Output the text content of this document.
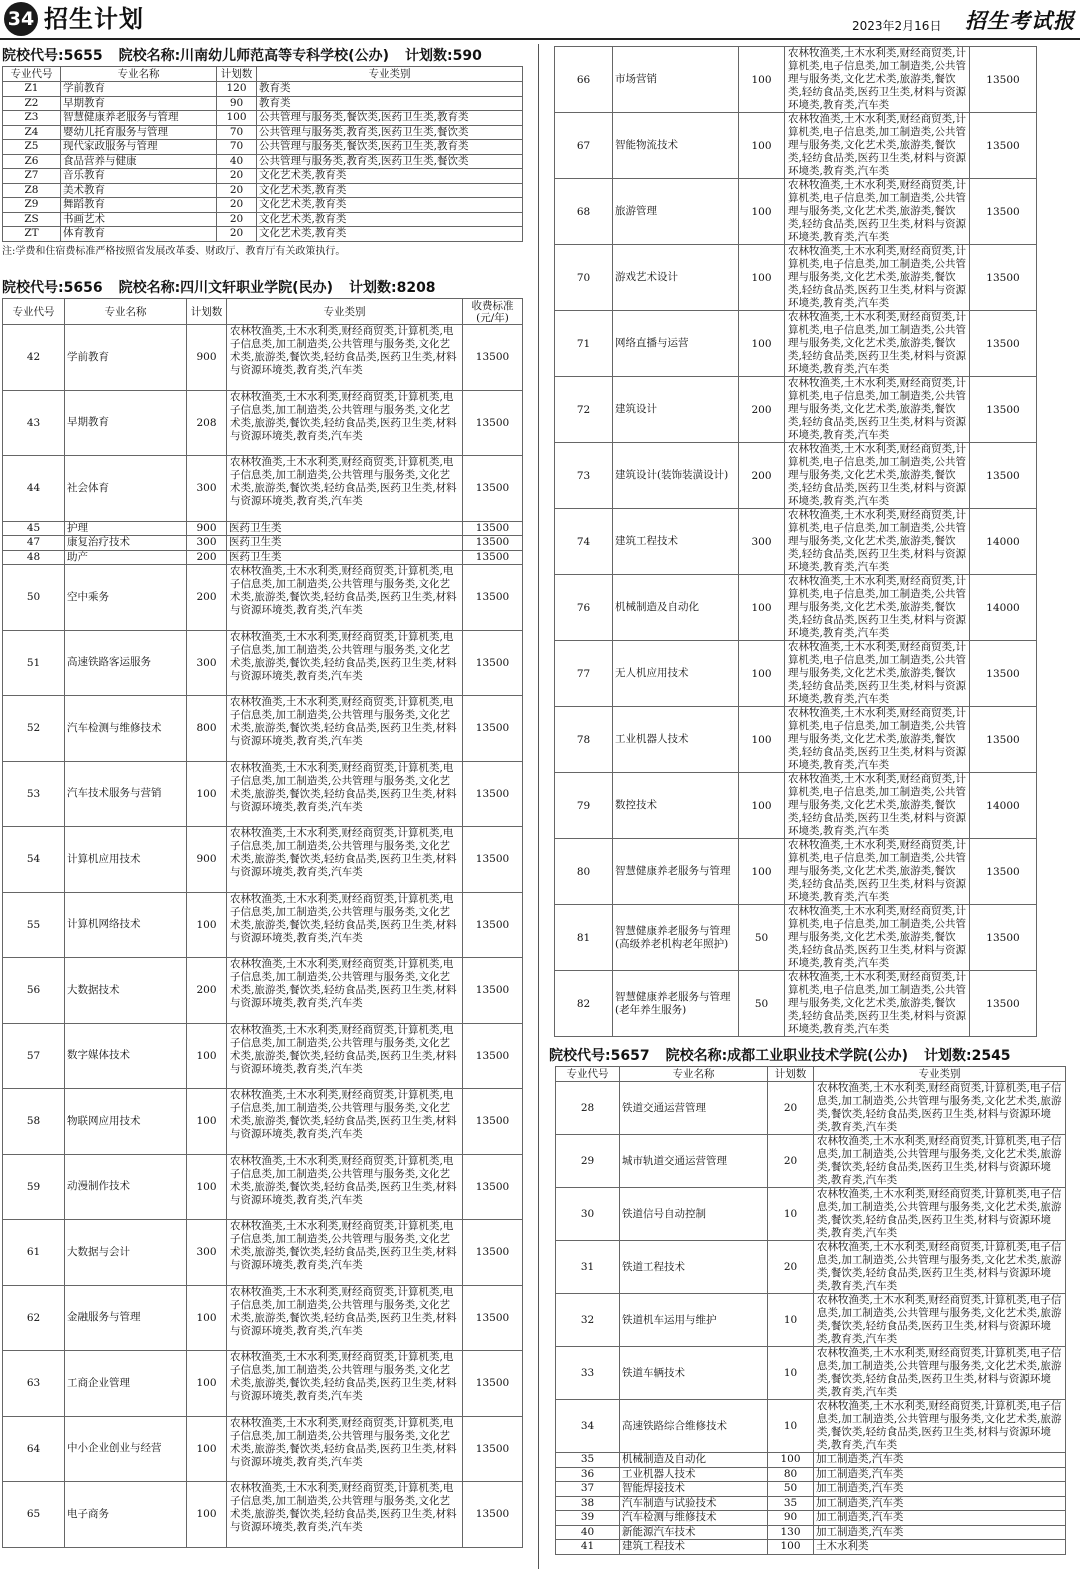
34 招生计划	2023年2月16日 招生考试报
院校代号:5655 院校名称:川南幼儿师范高等专科学校(公办) 计划数:590
专业代号	专业名称	计划数	专业类别
Z1	学前教育	120	教育类
Z2	早期教育	90	教育类
Z3	智慧健康养老服务与管理	100	公共管理与服务类,餐饮类,医药卫生类,教育类
Z4	婴幼儿托育服务与管理	70	公共管理与服务类,教育类,医药卫生类,餐饮类
Z5	现代家政服务与管理	70	公共管理与服务类,餐饮类,医药卫生类,教育类
Z6	食品营养与健康	40	公共管理与服务类,教育类,医药卫生类,餐饮类
Z7	音乐教育	20	文化艺术类,教育类
Z8	美术教育	20	文化艺术类,教育类
Z9	舞蹈教育	20	文化艺术类,教育类
ZS	书画艺术	20	文化艺术类,教育类
ZT	体育教育	20	文化艺术类,教育类
注:学费和住宿费标准严格按照省发展改革委、财政厅、教育厅有关政策执行。
院校代号:5656 院校名称:四川文轩职业学院(民办) 计划数:8208
专业代号	专业名称	计划数	专业类别	收费标准(元/年)
42	学前教育	900	农林牧渔类,土木水利类,财经商贸类,计算机类,电子信息类,加工制造类,公共管理与服务类,文化艺术类,旅游类,餐饮类,轻纺食品类,医药卫生类,材料与资源环境类,教育类,汽车类	13500
43	早期教育	208	农林牧渔类,土木水利类,财经商贸类,计算机类,电子信息类,加工制造类,公共管理与服务类,文化艺术类,旅游类,餐饮类,轻纺食品类,医药卫生类,材料与资源环境类,教育类,汽车类	13500
44	社会体育	300	农林牧渔类,土木水利类,财经商贸类,计算机类,电子信息类,加工制造类,公共管理与服务类,文化艺术类,旅游类,餐饮类,轻纺食品类,医药卫生类,材料与资源环境类,教育类,汽车类	13500
45	护理	900	医药卫生类	13500
47	康复治疗技术	300	医药卫生类	13500
48	助产	200	医药卫生类	13500
50	空中乘务	200	农林牧渔类,土木水利类,财经商贸类,计算机类,电子信息类,加工制造类,公共管理与服务类,文化艺术类,旅游类,餐饮类,轻纺食品类,医药卫生类,材料与资源环境类,教育类,汽车类	13500
51	高速铁路客运服务	300	农林牧渔类,土木水利类,财经商贸类,计算机类,电子信息类,加工制造类,公共管理与服务类,文化艺术类,旅游类,餐饮类,轻纺食品类,医药卫生类,材料与资源环境类,教育类,汽车类	13500
52	汽车检测与维修技术	800	农林牧渔类,土木水利类,财经商贸类,计算机类,电子信息类,加工制造类,公共管理与服务类,文化艺术类,旅游类,餐饮类,轻纺食品类,医药卫生类,材料与资源环境类,教育类,汽车类	13500
53	汽车技术服务与营销	100	农林牧渔类,土木水利类,财经商贸类,计算机类,电子信息类,加工制造类,公共管理与服务类,文化艺术类,旅游类,餐饮类,轻纺食品类,医药卫生类,材料与资源环境类,教育类,汽车类	13500
54	计算机应用技术	900	农林牧渔类,土木水利类,财经商贸类,计算机类,电子信息类,加工制造类,公共管理与服务类,文化艺术类,旅游类,餐饮类,轻纺食品类,医药卫生类,材料与资源环境类,教育类,汽车类	13500
55	计算机网络技术	100	农林牧渔类,土木水利类,财经商贸类,计算机类,电子信息类,加工制造类,公共管理与服务类,文化艺术类,旅游类,餐饮类,轻纺食品类,医药卫生类,材料与资源环境类,教育类,汽车类	13500
56	大数据技术	200	农林牧渔类,土木水利类,财经商贸类,计算机类,电子信息类,加工制造类,公共管理与服务类,文化艺术类,旅游类,餐饮类,轻纺食品类,医药卫生类,材料与资源环境类,教育类,汽车类	13500
57	数字媒体技术	100	农林牧渔类,土木水利类,财经商贸类,计算机类,电子信息类,加工制造类,公共管理与服务类,文化艺术类,旅游类,餐饮类,轻纺食品类,医药卫生类,材料与资源环境类,教育类,汽车类	13500
58	物联网应用技术	100	农林牧渔类,土木水利类,财经商贸类,计算机类,电子信息类,加工制造类,公共管理与服务类,文化艺术类,旅游类,餐饮类,轻纺食品类,医药卫生类,材料与资源环境类,教育类,汽车类	13500
59	动漫制作技术	100	农林牧渔类,土木水利类,财经商贸类,计算机类,电子信息类,加工制造类,公共管理与服务类,文化艺术类,旅游类,餐饮类,轻纺食品类,医药卫生类,材料与资源环境类,教育类,汽车类	13500
61	大数据与会计	300	农林牧渔类,土木水利类,财经商贸类,计算机类,电子信息类,加工制造类,公共管理与服务类,文化艺术类,旅游类,餐饮类,轻纺食品类,医药卫生类,材料与资源环境类,教育类,汽车类	13500
62	金融服务与管理	100	农林牧渔类,土木水利类,财经商贸类,计算机类,电子信息类,加工制造类,公共管理与服务类,文化艺术类,旅游类,餐饮类,轻纺食品类,医药卫生类,材料与资源环境类,教育类,汽车类	13500
63	工商企业管理	100	农林牧渔类,土木水利类,财经商贸类,计算机类,电子信息类,加工制造类,公共管理与服务类,文化艺术类,旅游类,餐饮类,轻纺食品类,医药卫生类,材料与资源环境类,教育类,汽车类	13500
64	中小企业创业与经营	100	农林牧渔类,土木水利类,财经商贸类,计算机类,电子信息类,加工制造类,公共管理与服务类,文化艺术类,旅游类,餐饮类,轻纺食品类,医药卫生类,材料与资源环境类,教育类,汽车类	13500
65	电子商务	100	农林牧渔类,土木水利类,财经商贸类,计算机类,电子信息类,加工制造类,公共管理与服务类,文化艺术类,旅游类,餐饮类,轻纺食品类,医药卫生类,材料与资源环境类,教育类,汽车类	13500
66	市场营销	100	农林牧渔类,土木水利类,财经商贸类,计算机类,电子信息类,加工制造类,公共管理与服务类,文化艺术类,旅游类,餐饮类,轻纺食品类,医药卫生类,材料与资源环境类,教育类,汽车类	13500
67	智能物流技术	100	农林牧渔类,土木水利类,财经商贸类,计算机类,电子信息类,加工制造类,公共管理与服务类,文化艺术类,旅游类,餐饮类,轻纺食品类,医药卫生类,材料与资源环境类,教育类,汽车类	13500
68	旅游管理	100	农林牧渔类,土木水利类,财经商贸类,计算机类,电子信息类,加工制造类,公共管理与服务类,文化艺术类,旅游类,餐饮类,轻纺食品类,医药卫生类,材料与资源环境类,教育类,汽车类	13500
70	游戏艺术设计	100	农林牧渔类,土木水利类,财经商贸类,计算机类,电子信息类,加工制造类,公共管理与服务类,文化艺术类,旅游类,餐饮类,轻纺食品类,医药卫生类,材料与资源环境类,教育类,汽车类	13500
71	网络直播与运营	100	农林牧渔类,土木水利类,财经商贸类,计算机类,电子信息类,加工制造类,公共管理与服务类,文化艺术类,旅游类,餐饮类,轻纺食品类,医药卫生类,材料与资源环境类,教育类,汽车类	13500
72	建筑设计	200	农林牧渔类,土木水利类,财经商贸类,计算机类,电子信息类,加工制造类,公共管理与服务类,文化艺术类,旅游类,餐饮类,轻纺食品类,医药卫生类,材料与资源环境类,教育类,汽车类	13500
73	建筑设计(装饰装潢设计)	200	农林牧渔类,土木水利类,财经商贸类,计算机类,电子信息类,加工制造类,公共管理与服务类,文化艺术类,旅游类,餐饮类,轻纺食品类,医药卫生类,材料与资源环境类,教育类,汽车类	13500
74	建筑工程技术	300	农林牧渔类,土木水利类,财经商贸类,计算机类,电子信息类,加工制造类,公共管理与服务类,文化艺术类,旅游类,餐饮类,轻纺食品类,医药卫生类,材料与资源环境类,教育类,汽车类	14000
76	机械制造及自动化	100	农林牧渔类,土木水利类,财经商贸类,计算机类,电子信息类,加工制造类,公共管理与服务类,文化艺术类,旅游类,餐饮类,轻纺食品类,医药卫生类,材料与资源环境类,教育类,汽车类	14000
77	无人机应用技术	100	农林牧渔类,土木水利类,财经商贸类,计算机类,电子信息类,加工制造类,公共管理与服务类,文化艺术类,旅游类,餐饮类,轻纺食品类,医药卫生类,材料与资源环境类,教育类,汽车类	13500
78	工业机器人技术	100	农林牧渔类,土木水利类,财经商贸类,计算机类,电子信息类,加工制造类,公共管理与服务类,文化艺术类,旅游类,餐饮类,轻纺食品类,医药卫生类,材料与资源环境类,教育类,汽车类	13500
79	数控技术	100	农林牧渔类,土木水利类,财经商贸类,计算机类,电子信息类,加工制造类,公共管理与服务类,文化艺术类,旅游类,餐饮类,轻纺食品类,医药卫生类,材料与资源环境类,教育类,汽车类	14000
80	智慧健康养老服务与管理	100	农林牧渔类,土木水利类,财经商贸类,计算机类,电子信息类,加工制造类,公共管理与服务类,文化艺术类,旅游类,餐饮类,轻纺食品类,医药卫生类,材料与资源环境类,教育类,汽车类	13500
81	智慧健康养老服务与管理(高级养老机构老年照护)	50	农林牧渔类,土木水利类,财经商贸类,计算机类,电子信息类,加工制造类,公共管理与服务类,文化艺术类,旅游类,餐饮类,轻纺食品类,医药卫生类,材料与资源环境类,教育类,汽车类	13500
82	智慧健康养老服务与管理(老年养生服务)	50	农林牧渔类,土木水利类,财经商贸类,计算机类,电子信息类,加工制造类,公共管理与服务类,文化艺术类,旅游类,餐饮类,轻纺食品类,医药卫生类,材料与资源环境类,教育类,汽车类	13500
院校代号:5657 院校名称:成都工业职业技术学院(公办) 计划数:2545
专业代号	专业名称	计划数	专业类别
28	铁道交通运营管理	20	农林牧渔类,土木水利类,财经商贸类,计算机类,电子信息类,加工制造类,公共管理与服务类,文化艺术类,旅游类,餐饮类,轻纺食品类,医药卫生类,材料与资源环境类,教育类,汽车类
29	城市轨道交通运营管理	20	农林牧渔类,土木水利类,财经商贸类,计算机类,电子信息类,加工制造类,公共管理与服务类,文化艺术类,旅游类,餐饮类,轻纺食品类,医药卫生类,材料与资源环境类,教育类,汽车类
30	铁道信号自动控制	10	农林牧渔类,土木水利类,财经商贸类,计算机类,电子信息类,加工制造类,公共管理与服务类,文化艺术类,旅游类,餐饮类,轻纺食品类,医药卫生类,材料与资源环境类,教育类,汽车类
31	铁道工程技术	20	农林牧渔类,土木水利类,财经商贸类,计算机类,电子信息类,加工制造类,公共管理与服务类,文化艺术类,旅游类,餐饮类,轻纺食品类,医药卫生类,材料与资源环境类,教育类,汽车类
32	铁道机车运用与维护	10	农林牧渔类,土木水利类,财经商贸类,计算机类,电子信息类,加工制造类,公共管理与服务类,文化艺术类,旅游类,餐饮类,轻纺食品类,医药卫生类,材料与资源环境类,教育类,汽车类
33	铁道车辆技术	10	农林牧渔类,土木水利类,财经商贸类,计算机类,电子信息类,加工制造类,公共管理与服务类,文化艺术类,旅游类,餐饮类,轻纺食品类,医药卫生类,材料与资源环境类,教育类,汽车类
34	高速铁路综合维修技术	10	农林牧渔类,土木水利类,财经商贸类,计算机类,电子信息类,加工制造类,公共管理与服务类,文化艺术类,旅游类,餐饮类,轻纺食品类,医药卫生类,材料与资源环境类,教育类,汽车类
35	机械制造及自动化	100	加工制造类,汽车类
36	工业机器人技术	80	加工制造类,汽车类
37	智能焊接技术	50	加工制造类,汽车类
38	汽车制造与试验技术	35	加工制造类,汽车类
39	汽车检测与维修技术	90	加工制造类,汽车类
40	新能源汽车技术	130	加工制造类,汽车类
41	建筑工程技术	100	土木水利类
